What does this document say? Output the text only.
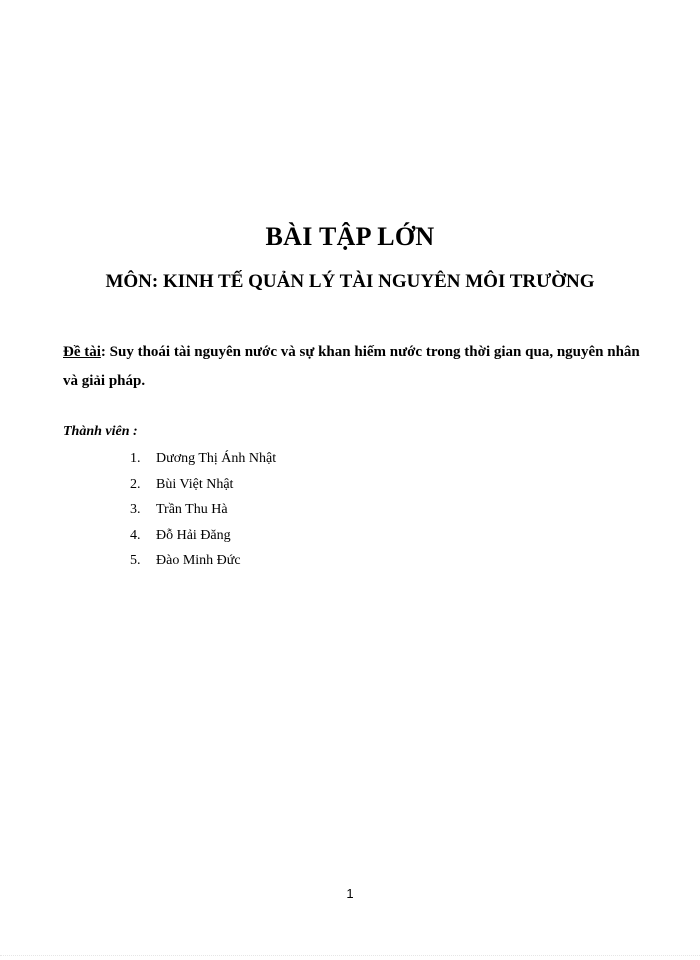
BÀI TẬP LỚN
MÔN: KINH TẾ QUẢN LÝ TÀI NGUYÊN MÔI TRƯỜNG
Đề tài: Suy thoái tài nguyên nước và sự khan hiếm nước trong thời gian qua, nguyên nhân và giải pháp.
Thành viên :
1. Dương Thị Ánh Nhật
2. Bùi Việt Nhật
3. Trần Thu Hà
4. Đỗ Hải Đăng
5. Đào Minh Đức
1
